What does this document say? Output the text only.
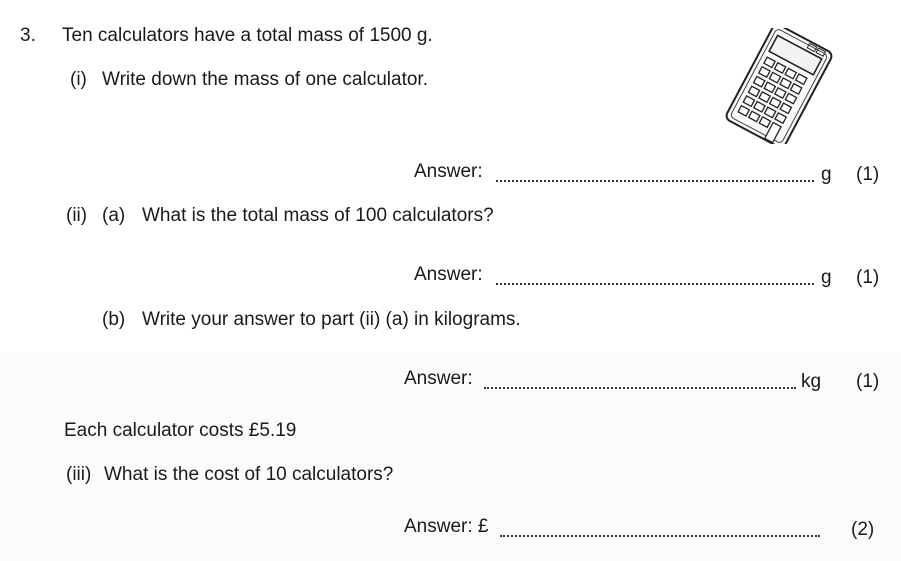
3. Ten calculators have a total mass of 1500 g.
(i) Write down the mass of one calculator.
Answer:	g (1)
(ii) (a) What is the total mass of 100 calculators?
Answer:	g (1)
(b) Write your answer to part (ii) (a) in kilograms.
Answer:	kg (1)
Each calculator costs £5.19
(iii) What is the cost of 10 calculators?
Answer: £	(2)
